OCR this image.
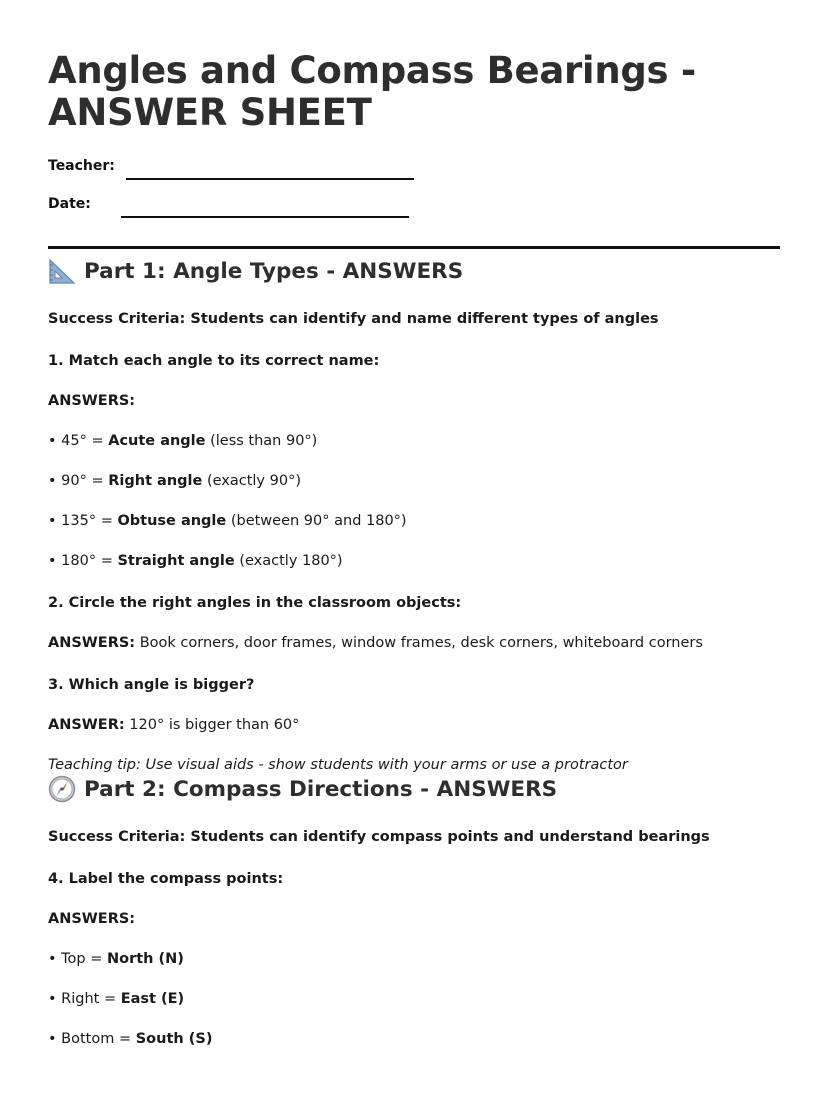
Angles and Compass Bearings - ANSWER SHEET
Teacher:
Date:
Part 1: Angle Types - ANSWERS

Success Criteria: Students can identify and name different types of angles

1. Match each angle to its correct name:

ANSWERS:

• 45° = Acute angle (less than 90°)

• 90° = Right angle (exactly 90°)

• 135° = Obtuse angle (between 90° and 180°)

• 180° = Straight angle (exactly 180°)

2. Circle the right angles in the classroom objects:

ANSWERS: Book corners, door frames, window frames, desk corners, whiteboard corners

3. Which angle is bigger?

ANSWER: 120° is bigger than 60°

Teaching tip: Use visual aids - show students with your arms or use a protractor

Part 2: Compass Directions - ANSWERS

Success Criteria: Students can identify compass points and understand bearings

4. Label the compass points:

ANSWERS:

• Top = North (N)

• Right = East (E)

• Bottom = South (S)
